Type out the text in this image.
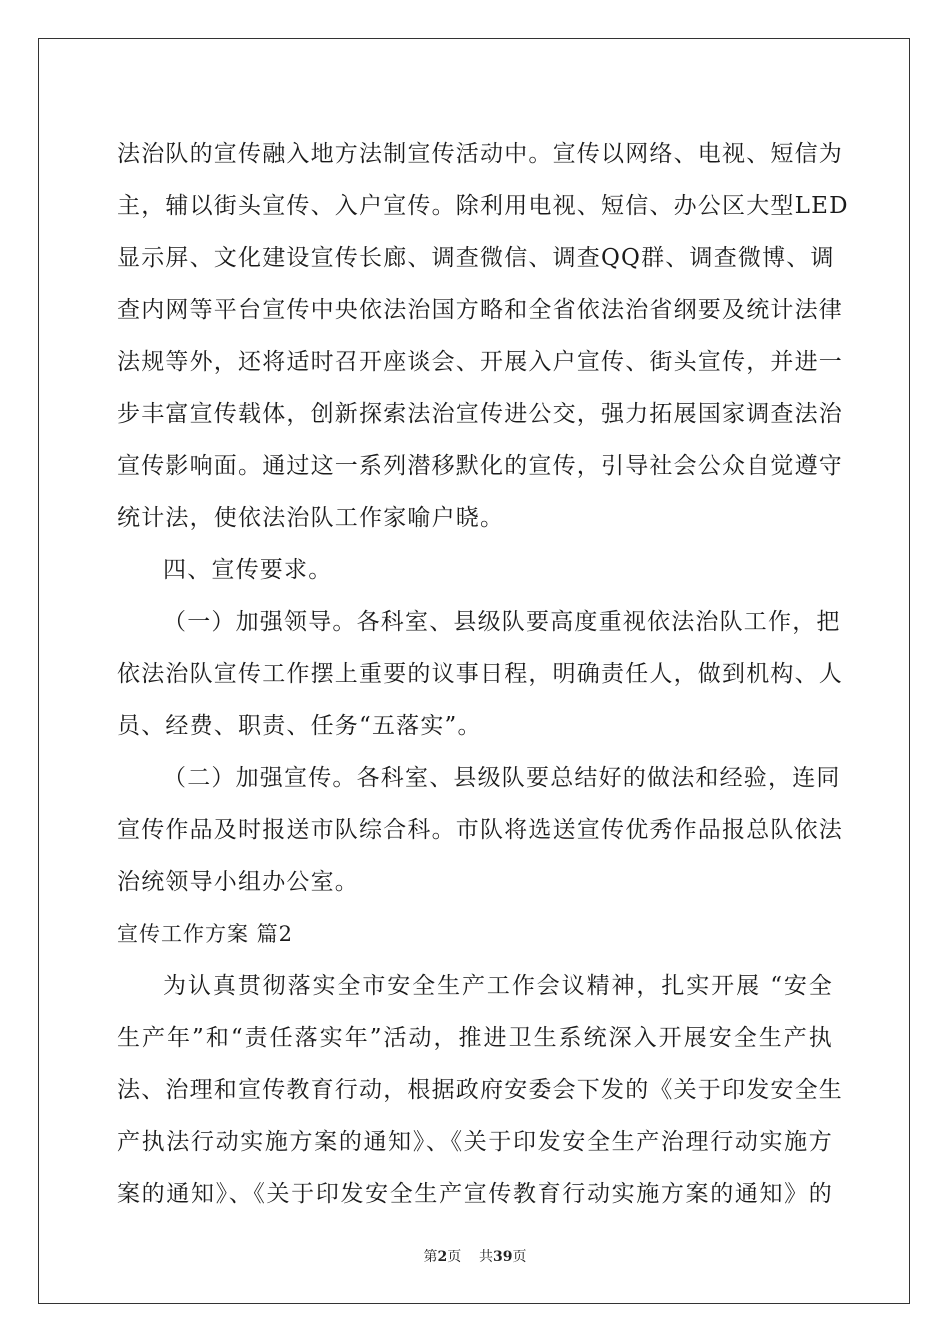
法治队的宣传融入地方法制宣传活动中。宣传以网络、电视、短信为
主，辅以街头宣传、入户宣传。除利用电视、短信、办公区大型LED
显示屏、文化建设宣传长廊、调查微信、调查QQ群、调查微博、调
查内网等平台宣传中央依法治国方略和全省依法治省纲要及统计法律
法规等外，还将适时召开座谈会、开展入户宣传、街头宣传，并进一
步丰富宣传载体，创新探索法治宣传进公交，强力拓展国家调查法治
宣传影响面。通过这一系列潜移默化的宣传，引导社会公众自觉遵守
统计法，使依法治队工作家喻户晓。
四、宣传要求。
（一）加强领导。各科室、县级队要高度重视依法治队工作，把
依法治队宣传工作摆上重要的议事日程，明确责任人，做到机构、人
员、经费、职责、任务“五落实”。
（二）加强宣传。各科室、县级队要总结好的做法和经验，连同
宣传作品及时报送市队综合科。市队将选送宣传优秀作品报总队依法
治统领导小组办公室。
宣传工作方案 篇2
为认真贯彻落实全市安全生产工作会议精神，扎实开展 “安全
生产年”和“责任落实年”活动，推进卫生系统深入开展安全生产执
法、治理和宣传教育行动，根据政府安委会下发的《关于印发安全生
产执法行动实施方案的通知》、《关于印发安全生产治理行动实施方
案的通知》、《关于印发安全生产宣传教育行动实施方案的通知》的
第2页 共39页
